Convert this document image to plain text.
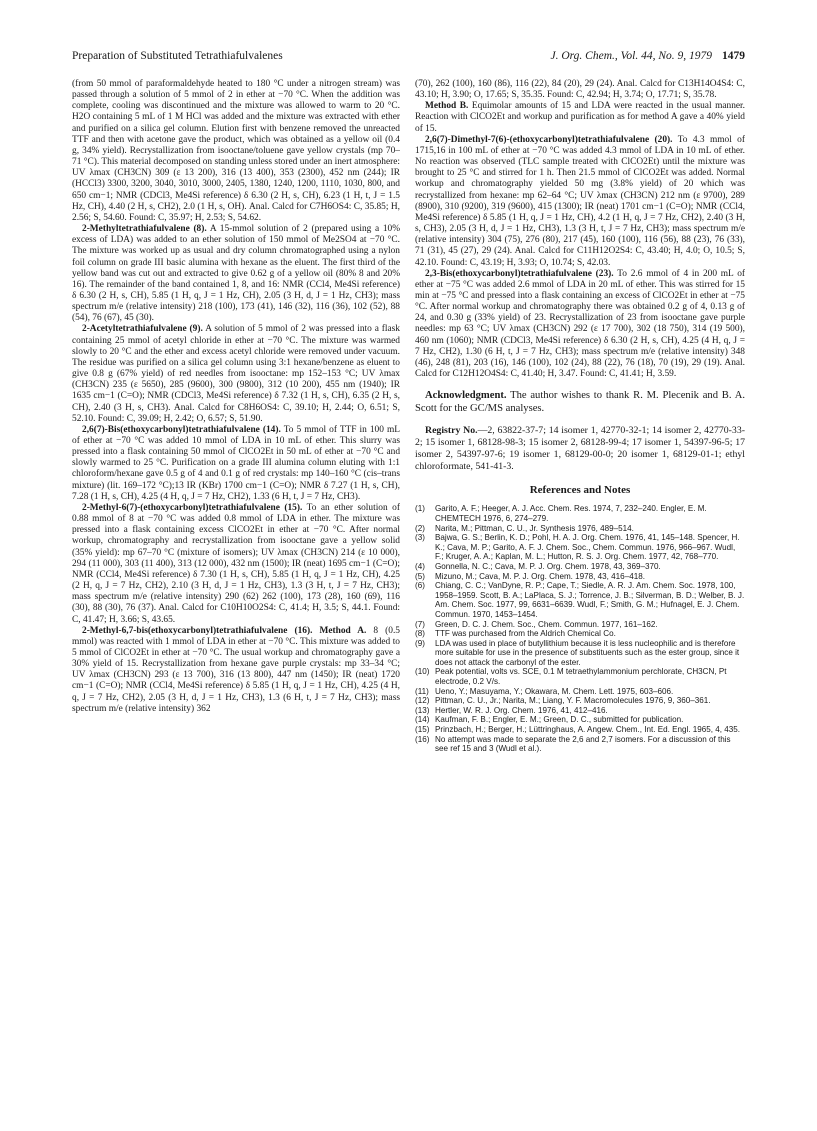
Preparation of Substituted Tetrathiafulvalenes	J. Org. Chem., Vol. 44, No. 9, 1979 1479

(from 50 mmol of paraformaldehyde heated to 180 °C under a nitrogen stream) was passed through a solution of 5 mmol of 2 in ether at −70 °C. When the addition was complete, cooling was discontinued and the mixture was allowed to warm to 20 °C. H2O containing 5 mL of 1 M HCl was added and the mixture was extracted with ether and purified on a silica gel column. Elution first with benzene removed the unreacted TTF and then with acetone gave the product, which was obtained as a yellow oil (0.4 g, 34% yield). Recrystallization from isooctane/toluene gave yellow crystals (mp 70–71 °C). This material decomposed on standing unless stored under an inert atmosphere: UV λmax (CH3CN) 309 (ε 13 200), 316 (13 400), 353 (2300), 452 nm (244); IR (HCCl3) 3300, 3200, 3040, 3010, 3000, 2405, 1380, 1240, 1200, 1110, 1030, 800, and 650 cm−1; NMR (CDCl3, Me4Si reference) δ 6.30 (2 H, s, CH), 6.23 (1 H, t, J = 1.5 Hz, CH), 4.40 (2 H, s, CH2), 2.0 (1 H, s, OH). Anal. Calcd for C7H6OS4: C, 35.85; H, 2.56; S, 54.60. Found: C, 35.97; H, 2.53; S, 54.62.

2-Methyltetrathiafulvalene (8). A 15-mmol solution of 2 (prepared using a 10% excess of LDA) was added to an ether solution of 150 mmol of Me2SO4 at −70 °C. The mixture was worked up as usual and dry column chromatographed using a nylon foil column on grade III basic alumina with hexane as the eluent. The first third of the yellow band was cut out and extracted to give 0.62 g of a yellow oil (80% 8 and 20% 16). The remainder of the band contained 1, 8, and 16: NMR (CCl4, Me4Si reference) δ 6.30 (2 H, s, CH), 5.85 (1 H, q, J = 1 Hz, CH), 2.05 (3 H, d, J = 1 Hz, CH3); mass spectrum m/e (relative intensity) 218 (100), 173 (41), 146 (32), 116 (36), 102 (52), 88 (54), 76 (67), 45 (30).

2-Acetyltetrathiafulvalene (9). A solution of 5 mmol of 2 was pressed into a flask containing 25 mmol of acetyl chloride in ether at −70 °C. The mixture was warmed slowly to 20 °C and the ether and excess acetyl chloride were removed under vacuum. The residue was purified on a silica gel column using 3:1 hexane/benzene as eluent to give 0.8 g (67% yield) of red needles from isooctane: mp 152–153 °C; UV λmax (CH3CN) 235 (ε 5650), 285 (9600), 300 (9800), 312 (10 200), 455 nm (1940); IR 1635 cm−1 (C=O); NMR (CDCl3, Me4Si reference) δ 7.32 (1 H, s, CH), 6.35 (2 H, s, CH), 2.40 (3 H, s, CH3). Anal. Calcd for C8H6OS4: C, 39.10; H, 2.44; O, 6.51; S, 52.10. Found: C, 39.09; H, 2.42; O, 6.57; S, 51.90.

2,6(7)-Bis(ethoxycarbonyl)tetrathiafulvalene (14). To 5 mmol of TTF in 100 mL of ether at −70 °C was added 10 mmol of LDA in 10 mL of ether. This slurry was pressed into a flask containing 50 mmol of ClCO2Et in 50 mL of ether at −70 °C and slowly warmed to 25 °C. Purification on a grade III alumina column eluting with 1:1 chloroform/hexane gave 0.5 g of 4 and 0.1 g of red crystals: mp 140–160 °C (cis–trans mixture) (lit. 169–172 °C);13 IR (KBr) 1700 cm−1 (C=O); NMR δ 7.27 (1 H, s, CH), 7.28 (1 H, s, CH), 4.25 (4 H, q, J = 7 Hz, CH2), 1.33 (6 H, t, J = 7 Hz, CH3).

2-Methyl-6(7)-(ethoxycarbonyl)tetrathiafulvalene (15). To an ether solution of 0.88 mmol of 8 at −70 °C was added 0.8 mmol of LDA in ether. The mixture was pressed into a flask containing excess ClCO2Et in ether at −70 °C. After normal workup, chromatography and recrystallization from isooctane gave a yellow solid (35% yield): mp 67–70 °C (mixture of isomers); UV λmax (CH3CN) 214 (ε 10 000), 294 (11 000), 303 (11 400), 313 (12 000), 432 nm (1500); IR (neat) 1695 cm−1 (C=O); NMR (CCl4, Me4Si reference) δ 7.30 (1 H, s, CH), 5.85 (1 H, q, J = 1 Hz, CH), 4.25 (2 H, q, J = 7 Hz, CH2), 2.10 (3 H, d, J = 1 Hz, CH3), 1.3 (3 H, t, J = 7 Hz, CH3); mass spectrum m/e (relative intensity) 290 (62) 262 (100), 173 (28), 160 (69), 116 (30), 88 (30), 76 (37). Anal. Calcd for C10H10O2S4: C, 41.4; H, 3.5; S, 44.1. Found: C, 41.47; H, 3.66; S, 43.65.

2-Methyl-6,7-bis(ethoxycarbonyl)tetrathiafulvalene (16). Method A. 8 (0.5 mmol) was reacted with 1 mmol of LDA in ether at −70 °C. This mixture was added to 5 mmol of ClCO2Et in ether at −70 °C. The usual workup and chromatography gave a 30% yield of 15. Recrystallization from hexane gave purple crystals: mp 33–34 °C; UV λmax (CH3CN) 293 (ε 13 700), 316 (13 800), 447 nm (1450); IR (neat) 1720 cm−1 (C=O); NMR (CCl4, Me4Si reference) δ 5.85 (1 H, q, J = 1 Hz, CH), 4.25 (4 H, q, J = 7 Hz, CH2), 2.05 (3 H, d, J = 1 Hz, CH3), 1.3 (6 H, t, J = 7 Hz, CH3); mass spectrum m/e (relative intensity) 362

(70), 262 (100), 160 (86), 116 (22), 84 (20), 29 (24). Anal. Calcd for C13H14O4S4: C, 43.10; H, 3.90; O, 17.65; S, 35.35. Found: C, 42.94; H, 3.74; O, 17.71; S, 35.78.

Method B. Equimolar amounts of 15 and LDA were reacted in the usual manner. Reaction with ClCO2Et and workup and purification as for method A gave a 40% yield of 15.

2,6(7)-Dimethyl-7(6)-(ethoxycarbonyl)tetrathiafulvalene (20). To 4.3 mmol of 1715,16 in 100 mL of ether at −70 °C was added 4.3 mmol of LDA in 10 mL of ether. No reaction was observed (TLC sample treated with ClCO2Et) until the mixture was brought to 25 °C and stirred for 1 h. Then 21.5 mmol of ClCO2Et was added. Normal workup and chromatography yielded 50 mg (3.8% yield) of 20 which was recrystallized from hexane: mp 62–64 °C; UV λmax (CH3CN) 212 nm (ε 9700), 289 (8900), 310 (9200), 319 (9600), 415 (1300); IR (neat) 1701 cm−1 (C=O); NMR (CCl4, Me4Si reference) δ 5.85 (1 H, q, J = 1 Hz, CH), 4.2 (1 H, q, J = 7 Hz, CH2), 2.40 (3 H, s, CH3), 2.05 (3 H, d, J = 1 Hz, CH3), 1.3 (3 H, t, J = 7 Hz, CH3); mass spectrum m/e (relative intensity) 304 (75), 276 (80), 217 (45), 160 (100), 116 (56), 88 (23), 76 (33), 71 (31), 45 (27), 29 (24). Anal. Calcd for C11H12O2S4: C, 43.40; H, 4.0; O, 10.5; S, 42.10. Found: C, 43.19; H, 3.93; O, 10.74; S, 42.03.

2,3-Bis(ethoxycarbonyl)tetrathiafulvalene (23). To 2.6 mmol of 4 in 200 mL of ether at −75 °C was added 2.6 mmol of LDA in 20 mL of ether. This was stirred for 15 min at −75 °C and pressed into a flask containing an excess of ClCO2Et in ether at −75 °C. After normal workup and chromatography there was obtained 0.2 g of 4, 0.13 g of 24, and 0.30 g (33% yield) of 23. Recrystallization of 23 from isooctane gave purple needles: mp 63 °C; UV λmax (CH3CN) 292 (ε 17 700), 302 (18 750), 314 (19 500), 460 nm (1060); NMR (CDCl3, Me4Si reference) δ 6.30 (2 H, s, CH), 4.25 (4 H, q, J = 7 Hz, CH2), 1.30 (6 H, t, J = 7 Hz, CH3); mass spectrum m/e (relative intensity) 348 (46), 248 (81), 203 (16), 146 (100), 102 (24), 88 (22), 76 (18), 70 (19), 29 (19). Anal. Calcd for C12H12O4S4: C, 41.40; H, 3.47. Found: C, 41.41; H, 3.59.

Acknowledgment. The author wishes to thank R. M. Plecenik and B. A. Scott for the GC/MS analyses.

Registry No.—2, 63822-37-7; 14 isomer 1, 42770-32-1; 14 isomer 2, 42770-33-2; 15 isomer 1, 68128-98-3; 15 isomer 2, 68128-99-4; 17 isomer 1, 54397-96-5; 17 isomer 2, 54397-97-6; 19 isomer 1, 68129-00-0; 20 isomer 1, 68129-01-1; ethyl chloroformate, 541-41-3.

References and Notes
(1) Garito, A. F.; Heeger, A. J. Acc. Chem. Res. 1974, 7, 232–240. Engler, E. M. CHEMTECH 1976, 6, 274–279.
(2) Narita, M.; Pittman, C. U., Jr. Synthesis 1976, 489–514.
(3) Bajwa, G. S.; Berlin, K. D.; Pohl, H. A. J. Org. Chem. 1976, 41, 145–148. Spencer, H. K.; Cava, M. P.; Garito, A. F. J. Chem. Soc., Chem. Commun. 1976, 966–967. Wudl, F.; Kruger, A. A.; Kaplan, M. L.; Hutton, R. S. J. Org. Chem. 1977, 42, 768–770.
(4) Gonnella, N. C.; Cava, M. P. J. Org. Chem. 1978, 43, 369–370.
(5) Mizuno, M.; Cava, M. P. J. Org. Chem. 1978, 43, 416–418.
(6) Chiang, C. C.; VanDyne, R. P.; Cape, T.; Siedle, A. R. J. Am. Chem. Soc. 1978, 100, 1958–1959. Scott, B. A.; LaPlaca, S. J.; Torrence, J. B.; Silverman, B. D.; Welber, B. J. Am. Chem. Soc. 1977, 99, 6631–6639. Wudl, F.; Smith, G. M.; Hufnagel, E. J. Chem. Commun. 1970, 1453–1454.
(7) Green, D. C. J. Chem. Soc., Chem. Commun. 1977, 161–162.
(8) TTF was purchased from the Aldrich Chemical Co.
(9) LDA was used in place of butyllithium because it is less nucleophilic and is therefore more suitable for use in the presence of substituents such as the ester group, since it does not attack the carbonyl of the ester.
(10) Peak potential, volts vs. SCE, 0.1 M tetraethylammonium perchlorate, CH3CN, Pt electrode, 0.2 V/s.
(11) Ueno, Y.; Masuyama, Y.; Okawara, M. Chem. Lett. 1975, 603–606.
(12) Pittman, C. U., Jr.; Narita, M.; Liang, Y. F. Macromolecules 1976, 9, 360–361.
(13) Hertler, W. R. J. Org. Chem. 1976, 41, 412–416.
(14) Kaufman, F. B.; Engler, E. M.; Green, D. C., submitted for publication.
(15) Prinzbach, H.; Berger, H.; Lüttringhaus, A. Angew. Chem., Int. Ed. Engl. 1965, 4, 435.
(16) No attempt was made to separate the 2,6 and 2,7 isomers. For a discussion of this see ref 15 and 3 (Wudl et al.).
